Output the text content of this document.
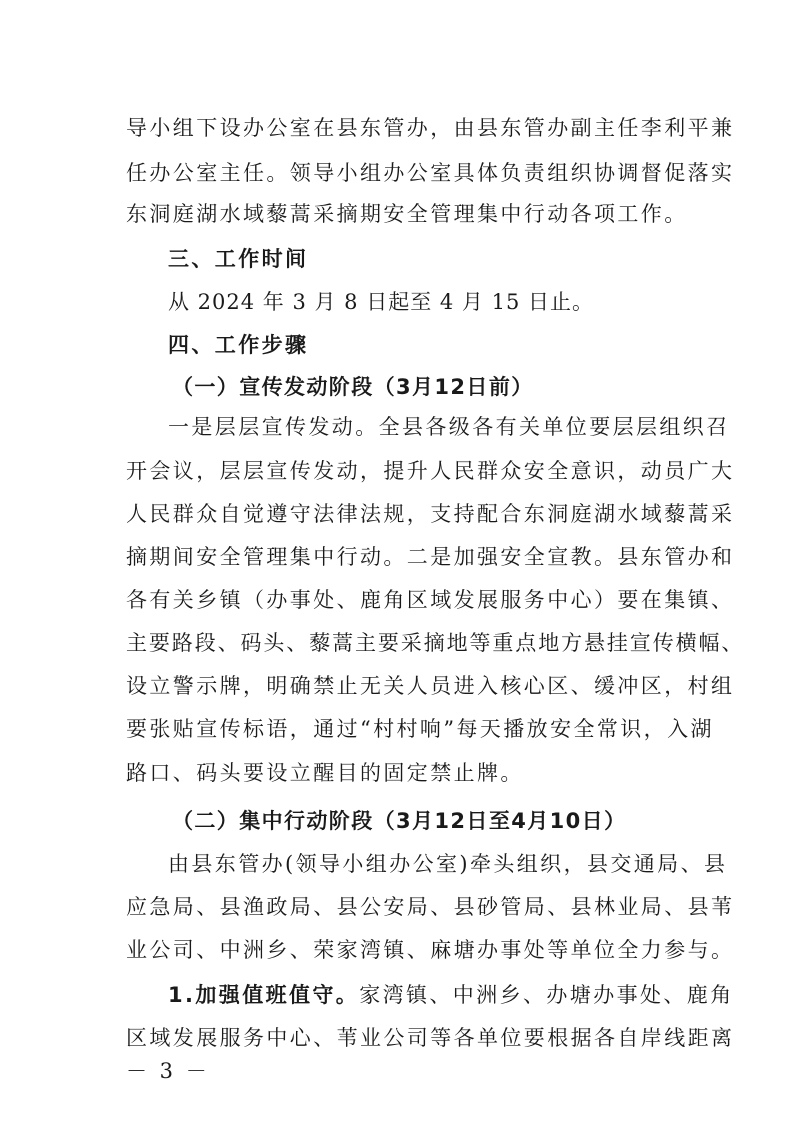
导小组下设办公室在县东管办，由县东管办副主任李利平兼
任办公室主任。领导小组办公室具体负责组织协调督促落实
东洞庭湖水域藜蒿采摘期安全管理集中行动各项工作。
三、工作时间
从 2024 年 3 月 8 日起至 4 月 15 日止。
四、工作步骤
（一）宣传发动阶段（3月12日前）
一是层层宣传发动。全县各级各有关单位要层层组织召
开会议，层层宣传发动，提升人民群众安全意识，动员广大
人民群众自觉遵守法律法规，支持配合东洞庭湖水域藜蒿采
摘期间安全管理集中行动。二是加强安全宣教。县东管办和
各有关乡镇（办事处、鹿角区域发展服务中心）要在集镇、
主要路段、码头、藜蒿主要采摘地等重点地方悬挂宣传横幅、
设立警示牌，明确禁止无关人员进入核心区、缓冲区，村组
要张贴宣传标语，通过“村村响”每天播放安全常识，入湖
路口、码头要设立醒目的固定禁止牌。
（二）集中行动阶段（3月12日至4月10日）
由县东管办(领导小组办公室)牵头组织，县交通局、县
应急局、县渔政局、县公安局、县砂管局、县林业局、县苇
业公司、中洲乡、荣家湾镇、麻塘办事处等单位全力参与。
1.加强值班值守。家湾镇、中洲乡、办塘办事处、鹿角
区域发展服务中心、苇业公司等各单位要根据各自岸线距离
－ 3 －
